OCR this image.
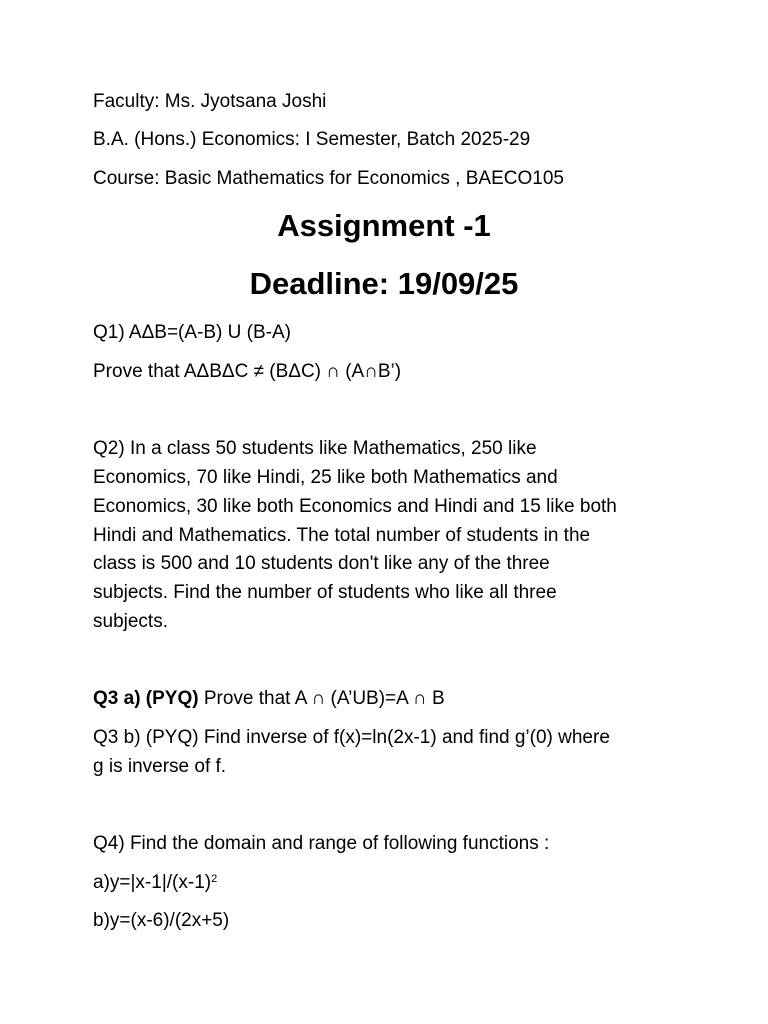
Faculty: Ms. Jyotsana Joshi
B.A. (Hons.) Economics: I Semester, Batch 2025-29
Course: Basic Mathematics for Economics , BAECO105
Assignment -1
Deadline: 19/09/25
Q1) AΔB=(A-B) U (B-A)
Prove that AΔBΔC ≠ (BΔC) ∩ (A∩B’)
Q2) In a class 50 students like Mathematics, 250 like
Economics, 70 like Hindi, 25 like both Mathematics and
Economics, 30 like both Economics and Hindi and 15 like both
Hindi and Mathematics. The total number of students in the
class is 500 and 10 students don't like any of the three
subjects. Find the number of students who like all three
subjects.
Q3 a) (PYQ) Prove that A ∩ (A’UB)=A ∩ B
Q3 b) (PYQ) Find inverse of f(x)=ln(2x-1) and find g’(0) where
g is inverse of f.
Q4) Find the domain and range of following functions :
$a)y=|x-1|/(x-1)^2$
b)y=(x-6)/(2x+5)
